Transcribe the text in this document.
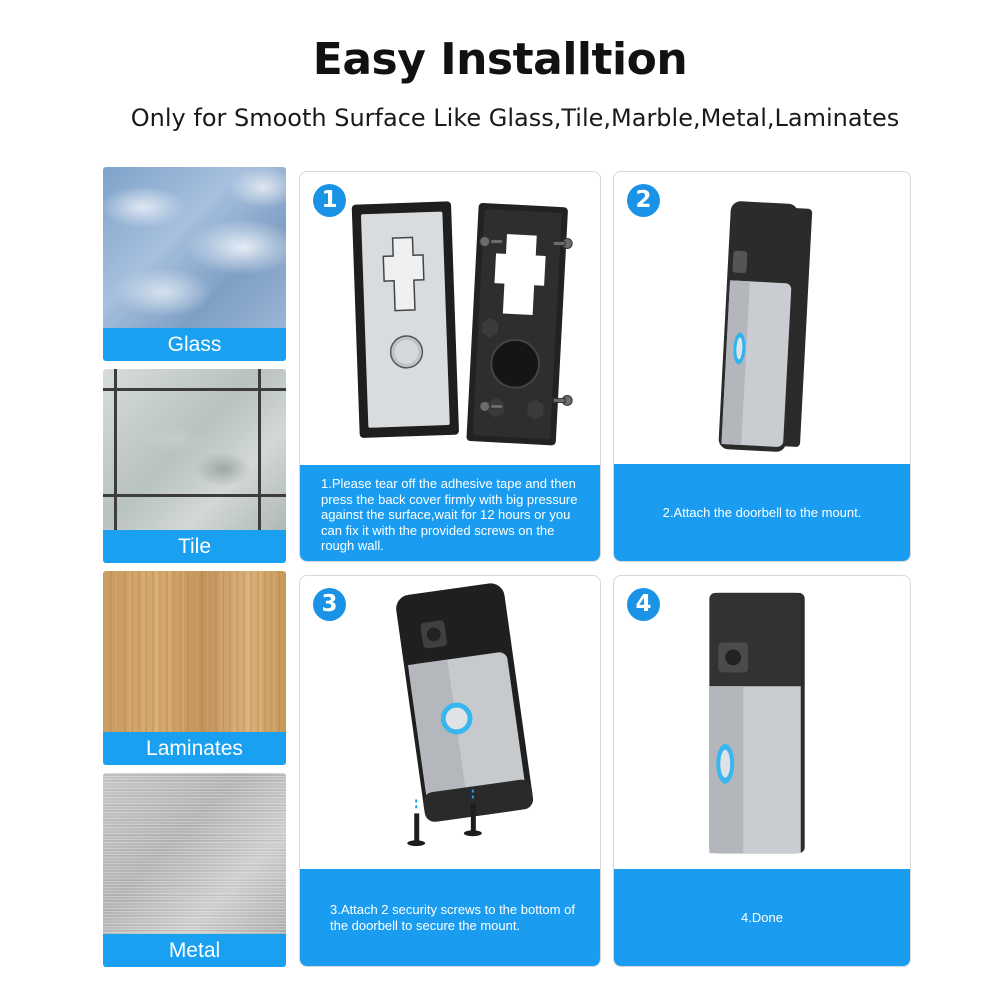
Easy Installtion
Only for Smooth Surface Like Glass,Tile,Marble,Metal,Laminates
Glass
Tile
Laminates
Metal
1
1.Please tear off the adhesive tape and then press the back cover firmly with big pressure against the surface,wait for 12 hours or you can fix it with the provided screws on the rough wall.
2
2.Attach the doorbell to the mount.
3
3.Attach 2 security screws to the bottom of the doorbell to secure the mount.
4
4.Done
